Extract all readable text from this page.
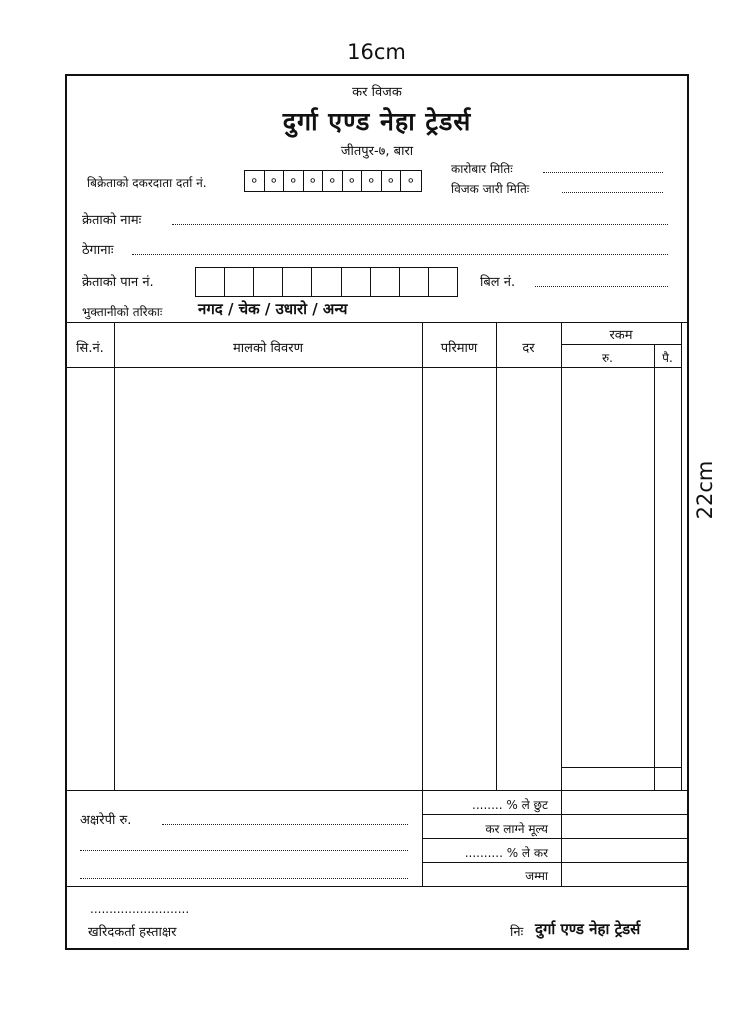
16cm
22cm
कर विजक
दुर्गा एण्ड नेहा ट्रेडर्स
जीतपुर-७, बारा
बिक्रेताको दकरदाता दर्ता नं.	०	०	०	०	०	०	०	०	०
कारोबार मितिः
विजक जारी मितिः
क्रेताको नामः
ठेगानाः
क्रेताको पान नं.	बिल नं.
भुक्तानीको तरिकाः नगद / चेक / उधारो / अन्य
सि.नं.	मालको विवरण	परिमाण	दर
रकम
रु.	पै.
........ % ले छुट
कर लाग्ने मूल्य
.......... % ले कर
जम्मा
अक्षरेपी रु.
..........................
खरिदकर्ता हस्ताक्षर	निः दुर्गा एण्ड नेहा ट्रेडर्स
